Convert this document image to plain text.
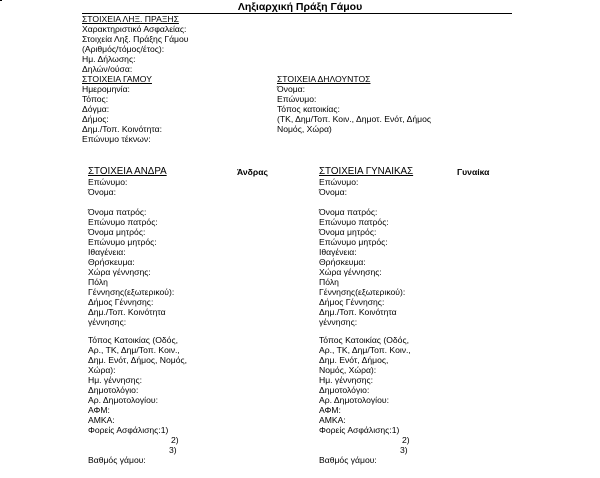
Ληξιαρχική Πράξη Γάμου
ΣΤΟΙΧΕΙΑ ΛΗΞ. ΠΡΑΞΗΣ
Χαρακτηριστικό Ασφαλείας:
Στοιχεία Ληξ. Πράξης Γάμου
(Αριθμός/τόμος/έτος):
Ημ. Δήλωσης:
Δηλών/ούσα:
ΣΤΟΙΧΕΙΑ ΓΑΜΟΥ
Ημερομηνία:
Τόπος:
Δόγμα:
Δήμος:
Δημ./Τοπ. Κοινότητα:
Επώνυμο τέκνων:
ΣΤΟΙΧΕΙΑ ΔΗΛΟΥΝΤΟΣ
Όνομα:
Επώνυμο:
Τόπος κατοικίας:
(ΤΚ, Δημ/Τοπ. Κοιν., Δημοτ. Ενότ, Δήμος
Νομός, Χώρα)
ΣΤΟΙΧΕΙΑ ΑΝΔΡΑ
Επώνυμο:
Όνομα:
Όνομα πατρός:
Επώνυμο πατρός:
Όνομα μητρός:
Επώνυμο μητρός:
Ιθαγένεια:
Θρήσκευμα:
Χώρα γέννησης:
Πόλη
Γέννησης(εξωτερικού):
Δήμος Γέννησης:
Δημ./Τοπ. Κοινότητα
γέννησης:
Τόπος Κατοικίας (Οδός,
Αρ., ΤΚ, Δημ/Τοπ. Κοιν.,
Δημ. Ενότ, Δήμος, Νομός,
Χώρα):
Ημ. γέννησης:
Δημοτολόγιο:
Αρ. Δημοτολογίου:
ΑΦΜ:
ΑΜΚΑ:
Φορείς Ασφάλισης:1)
2)
3)
Βαθμός γάμου:
Άνδρας	ΣΤΟΙΧΕΙΑ ΓΥΝΑΙΚΑΣ
Επώνυμο:
Όνομα:
Όνομα πατρός:
Επώνυμο πατρός:
Όνομα μητρός:
Επώνυμο μητρός:
Ιθαγένεια:
Θρήσκευμα:
Χώρα γέννησης:
Πόλη
Γέννησης(εξωτερικού):
Δήμος Γέννησης:
Δημ./Τοπ. Κοινότητα
γέννησης:
Τόπος Κατοικίας (Οδός,
Αρ., ΤΚ, Δημ/Τοπ. Κοιν.,
Δημ. Ενότ, Δήμος,
Νομός, Χώρα):
Ημ. γέννησης:
Δημοτολόγιο:
Αρ. Δημοτολογίου:
ΑΦΜ:
ΑΜΚΑ:
Φορείς Ασφάλισης:1)
2)
3)
Βαθμός γάμου:
Γυναίκα
